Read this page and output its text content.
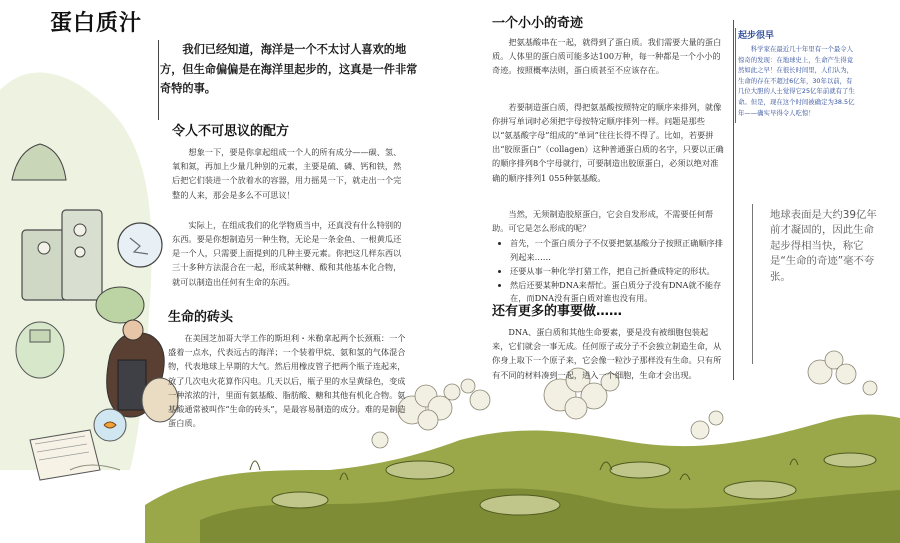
蛋白质汁

我们已经知道，海洋是一个不太讨人喜欢的地方，但生命偏偏是在海洋里起步的，这真是一件非常奇特的事。

令人不可思议的配方

想象一下，要是你拿起组成一个人的所有成分——碳、氢、氧和氮，再加上少量几种别的元素，主要是硫、磷、钙和铁，然后把它们装进一个放着水的容器，用力摇晃一下，就走出一个完整的人来，那会是多么不可思议！

实际上，在组成我们的化学物质当中，还真没有什么特别的东西。要是你想制造另一种生物，无论是一条金鱼、一根黄瓜还是一个人，只需要上面提到的几种主要元素。你把这几样东西以三十多种方法混合在一起，形成某种糖、酸和其他基本化合物，就可以制造出任何有生命的东西。

生命的砖头

在美国芝加哥大学工作的斯坦利・米勒拿起两个长颈瓶：一个盛着一点水，代表远古的海洋；一个装着甲烷、氨和氢的气体混合物，代表地球上早期的大气。然后用橡皮管子把两个瓶子连起来，放了几次电火花算作闪电。几天以后，瓶子里的水呈黄绿色，变成一种浓浓的汁，里面有氨基酸、脂肪酸、糖和其他有机化合物。氨基酸通常被叫作“生命的砖头”，是最容易制造的成分。难的是制造蛋白质。

一个小小的奇迹

把氨基酸串在一起，就得到了蛋白质。我们需要大量的蛋白质。人体里的蛋白质可能多达100万种，每一种都是一个小小的奇迹。按照概率法则，蛋白质甚至不应该存在。

若要制造蛋白质，得把氨基酸按照特定的顺序来排列，就像你拼写单词时必须把字母按特定顺序排列一样。问题是那些以“氨基酸字母”组成的“单词”往往长得不得了。比如，若要拼出“胶原蛋白”（collagen）这种普通蛋白质的名字，只要以正确的顺序排列8个字母就行，可要制造出胶原蛋白，必须以绝对准确的顺序排列1 055种氨基酸。

当然，无须制造胶原蛋白，它会自发形成，不需要任何帮助。可它是怎么形成的呢？

• 首先，一个蛋白质分子不仅要把氨基酸分子按照正确顺序排列起来……
• 还要从事一种化学打猎工作，把自己折叠成特定的形状。
• 然后还要某种DNA来帮忙。蛋白质分子没有DNA就不能存在，而DNA没有蛋白质对谁也没有用。
还有更多的事要做……

DNA、蛋白质和其他生命要素，要是没有被细胞包装起来，它们就会一事无成。任何原子或分子不会独立制造生命，从你身上取下一个原子来，它会像一粒沙子那样没有生命。只有所有不同的材料凑到一起，进入一个细胞，生命才会出现。

起步很早

科学家在最近几十年里有一个最令人惊奇的发现：在地球史上，生命产生得竟然如此之早！在很长时间里，人们认为，生命的存在不超过6亿年，30年以前，有几位大胆的人士觉得它25亿年前就有了生命。但是，现在这个时间被确定为38.5亿年——确实早得令人吃惊！

地球表面是大约39亿年前才凝固的，因此生命起步得相当快，称它是“生命的奇迹”毫不夸张。
